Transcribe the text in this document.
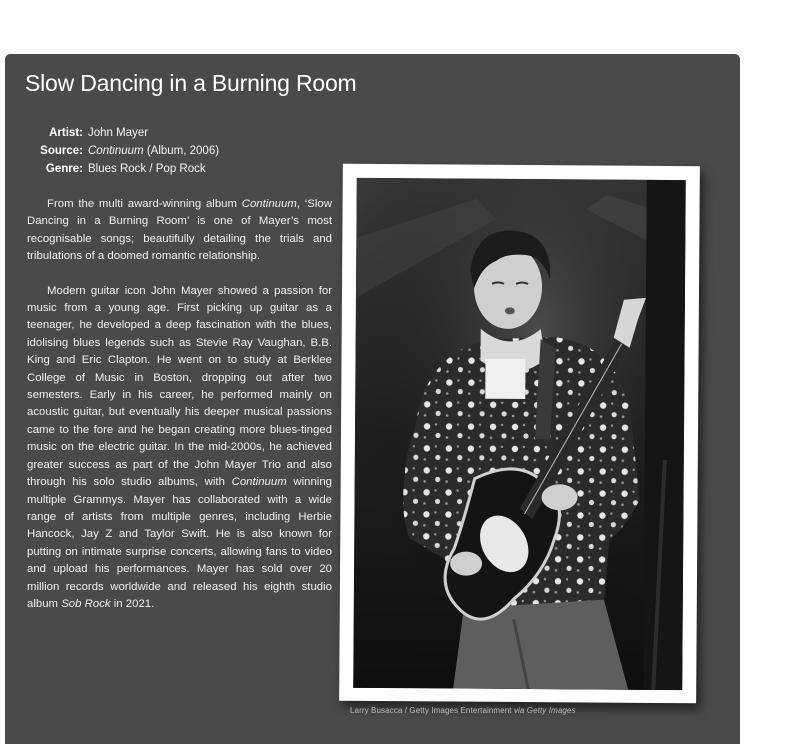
Slow Dancing in a Burning Room
Artist: John Mayer
Source: Continuum (Album, 2006)
Genre: Blues Rock / Pop Rock

From the multi award-winning album Continuum, ‘Slow Dancing in a Burning Room’ is one of Mayer’s most recognisable songs; beautifully detailing the trials and tribulations of a doomed romantic relationship.

Modern guitar icon John Mayer showed a passion for music from a young age. First picking up guitar as a teenager, he developed a deep fascination with the blues, idolising blues legends such as Stevie Ray Vaughan, B.B. King and Eric Clapton. He went on to study at Berklee College of Music in Boston, dropping out after two semesters. Early in his career, he performed mainly on acoustic guitar, but eventually his deeper musical passions came to the fore and he began creating more blues-tinged music on the electric guitar. In the mid-2000s, he achieved greater success as part of the John Mayer Trio and also through his solo studio albums, with Continuum winning multiple Grammys. Mayer has collaborated with a wide range of artists from multiple genres, including Herbie Hancock, Jay Z and Taylor Swift. He is also known for putting on intimate surprise concerts, allowing fans to video and upload his performances. Mayer has sold over 20 million records worldwide and released his eighth studio album Sob Rock in 2021.

Larry Busacca / Getty Images Entertainment via Getty Images
